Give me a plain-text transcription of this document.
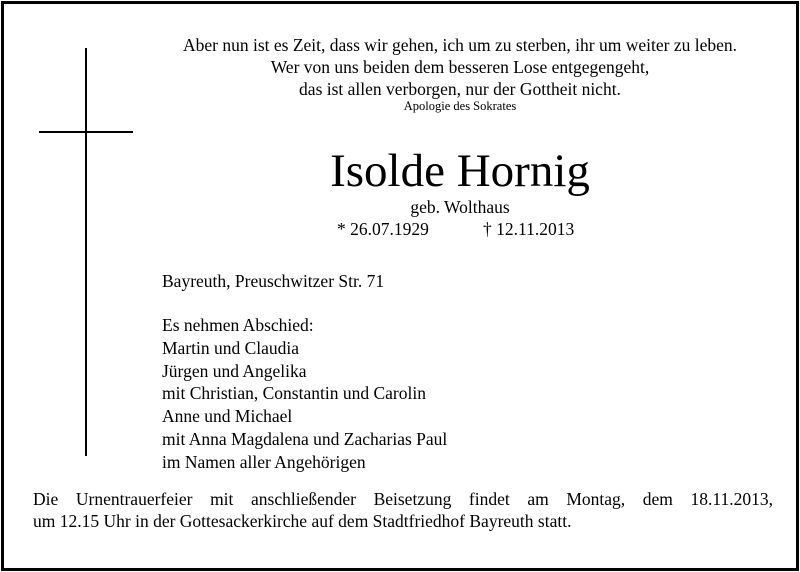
Aber nun ist es Zeit, dass wir gehen, ich um zu sterben, ihr um weiter zu leben.
Wer von uns beiden dem besseren Lose entgegengeht,
das ist allen verborgen, nur der Gottheit nicht.
Apologie des Sokrates
Isolde Hornig
geb. Wolthaus
* 26.07.1929	† 12.11.2013
Bayreuth, Preuschwitzer Str. 71
Es nehmen Abschied:
Martin und Claudia
Jürgen und Angelika
mit Christian, Constantin und Carolin
Anne und Michael
mit Anna Magdalena und Zacharias Paul
im Namen aller Angehörigen
Die Urnentrauerfeier mit anschließender Beisetzung findet am Montag, dem 18.11.2013,
um 12.15 Uhr in der Gottesackerkirche auf dem Stadtfriedhof Bayreuth statt.
